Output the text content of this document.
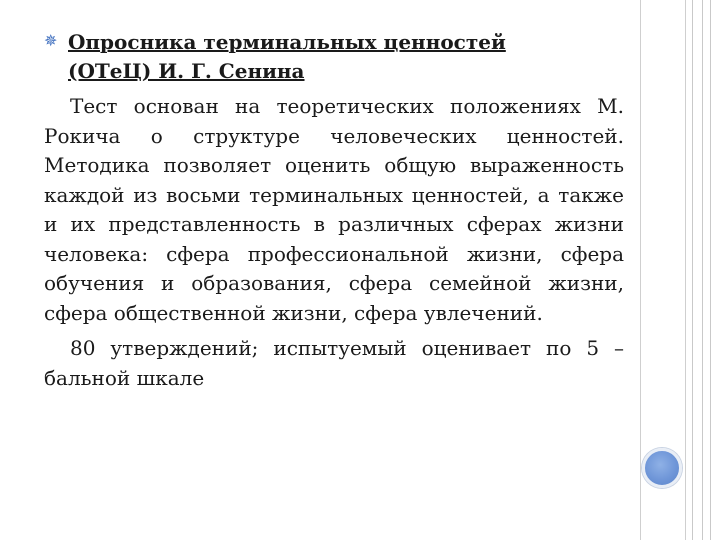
✵ Опросника терминальных ценностей
(ОТеЦ) И. Г. Сенина

Тест основан на теоретических положениях М. Рокича о структуре человеческих ценностей. Методика позволяет оценить общую выраженность каждой из восьми терминальных ценностей, а также и их представленность в различных сферах жизни человека: сфера профессиональной жизни, сфера обучения и образования, сфера семейной жизни, сфера общественной жизни, сфера увлечений.

80 утверждений; испытуемый оценивает по 5 – бальной шкале
